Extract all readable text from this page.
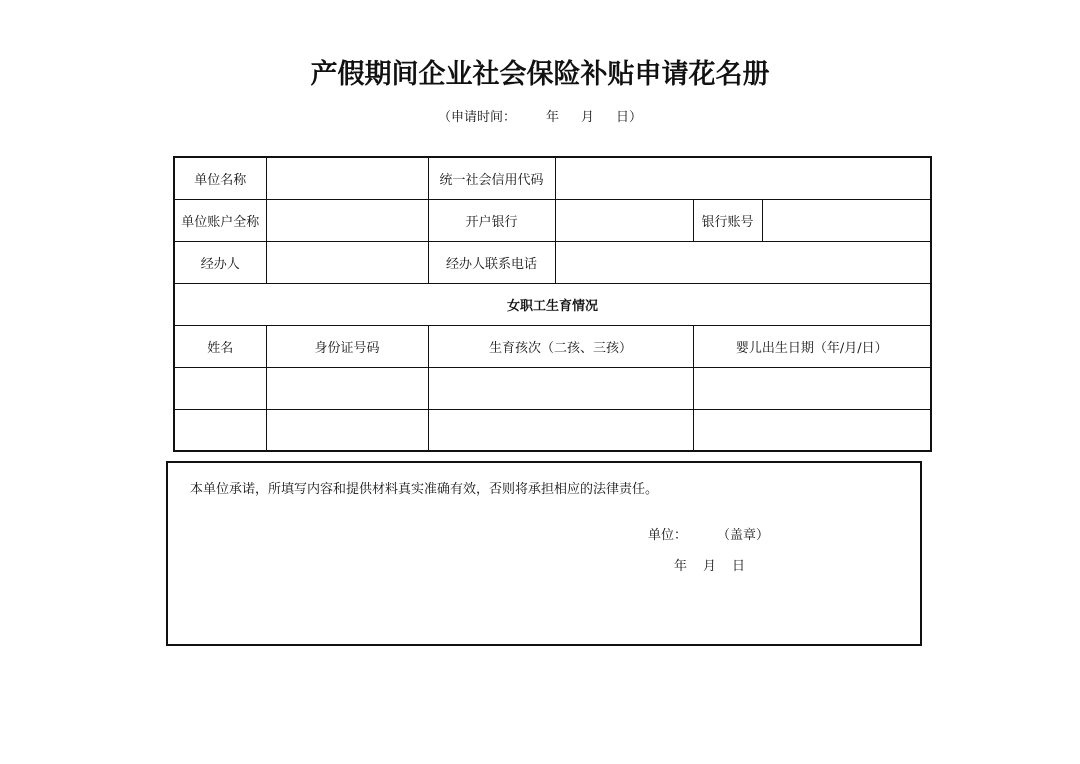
产假期间企业社会保险补贴申请花名册
（申请时间： 年 月 日）
单位名称		统一社会信用代码			
单位账户全称		开户银行		银行账号	
经办人		经办人联系电话			
女职工生育情况					
姓名	身份证号码	生育孩次（二孩、三孩）		婴儿出生日期（年/月/日）	

本单位承诺，所填写内容和提供材料真实准确有效，否则将承担相应的法律责任。
单位： （盖章）
年 月 日
